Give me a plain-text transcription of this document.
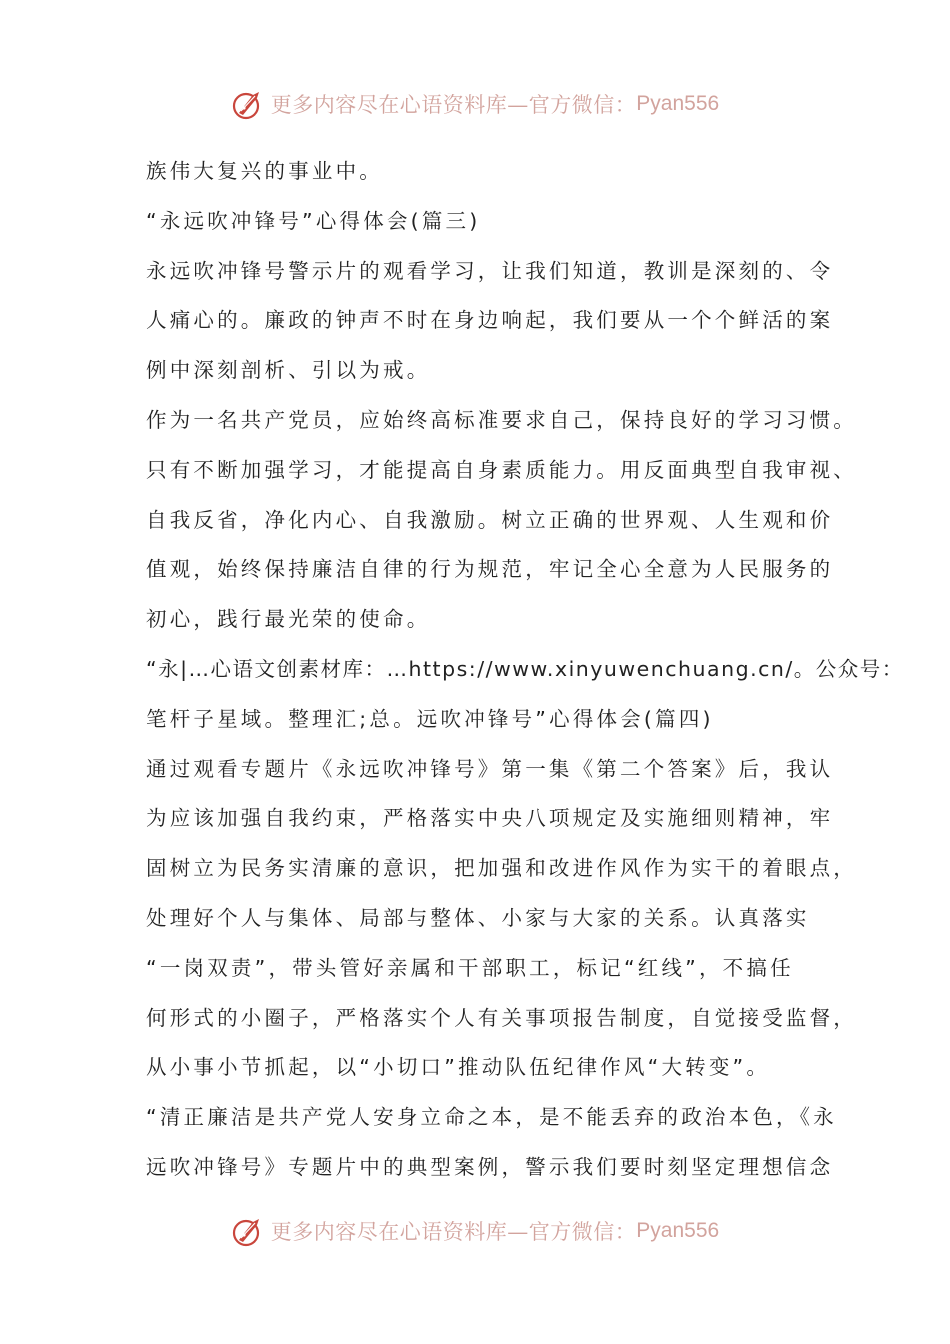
更多内容尽在心语资料库—官方微信： Pyan556
族伟大复兴的事业中。
“永远吹冲锋号”心得体会(篇三)
永远吹冲锋号警示片的观看学习，让我们知道，教训是深刻的、令
人痛心的。廉政的钟声不时在身边响起，我们要从一个个鲜活的案
例中深刻剖析、引以为戒。
作为一名共产党员，应始终高标准要求自己，保持良好的学习习惯。
只有不断加强学习，才能提高自身素质能力。用反面典型自我审视、
自我反省，净化内心、自我激励。树立正确的世界观、人生观和价
值观，始终保持廉洁自律的行为规范，牢记全心全意为人民服务的
初心，践行最光荣的使命。
“永|…心语文创素材库：…https://www.xinyuwenchuang.cn/。公众号：
笔杆子星域。整理汇;总。远吹冲锋号”心得体会(篇四)
通过观看专题片《永远吹冲锋号》第一集《第二个答案》后，我认
为应该加强自我约束，严格落实中央八项规定及实施细则精神，牢
固树立为民务实清廉的意识，把加强和改进作风作为实干的着眼点，
处理好个人与集体、局部与整体、小家与大家的关系。认真落实
“一岗双责”，带头管好亲属和干部职工，标记“红线”，不搞任
何形式的小圈子，严格落实个人有关事项报告制度，自觉接受监督，
从小事小节抓起，以“小切口”推动队伍纪律作风“大转变”。
“清正廉洁是共产党人安身立命之本，是不能丢弃的政治本色，《永
远吹冲锋号》专题片中的典型案例，警示我们要时刻坚定理想信念
更多内容尽在心语资料库—官方微信： Pyan556
